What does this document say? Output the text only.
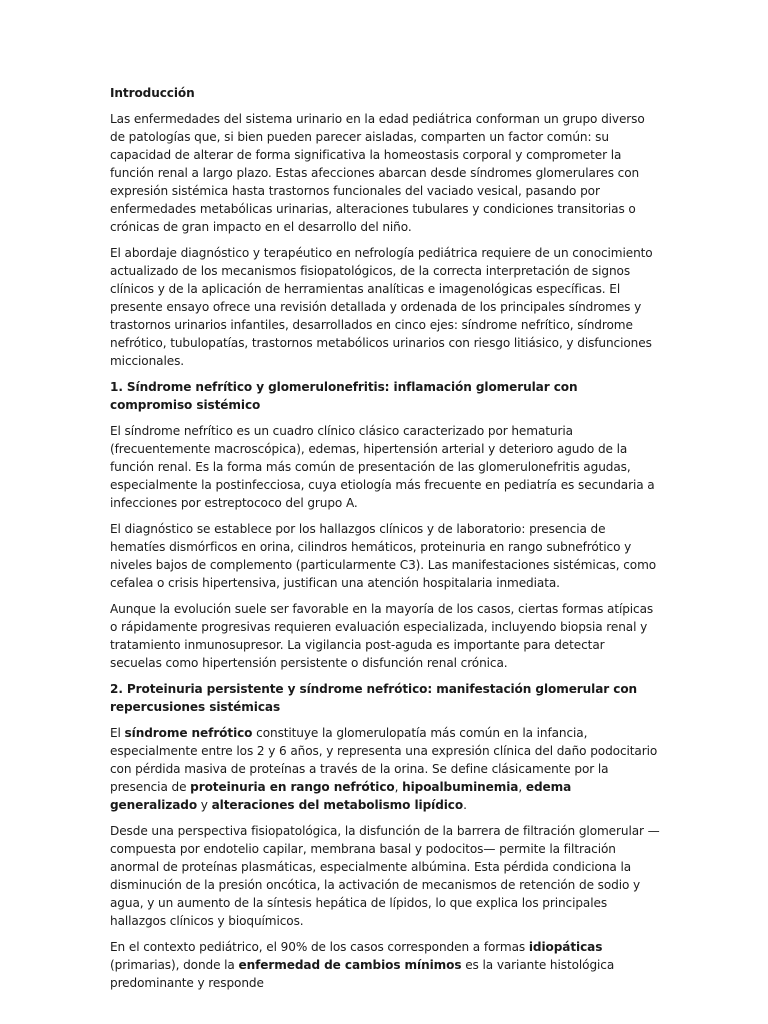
Introducción

Las enfermedades del sistema urinario en la edad pediátrica conforman un grupo diverso de patologías que, si bien pueden parecer aisladas, comparten un factor común: su capacidad de alterar de forma significativa la homeostasis corporal y comprometer la función renal a largo plazo. Estas afecciones abarcan desde síndromes glomerulares con expresión sistémica hasta trastornos funcionales del vaciado vesical, pasando por enfermedades metabólicas urinarias, alteraciones tubulares y condiciones transitorias o crónicas de gran impacto en el desarrollo del niño.

El abordaje diagnóstico y terapéutico en nefrología pediátrica requiere de un conocimiento actualizado de los mecanismos fisiopatológicos, de la correcta interpretación de signos clínicos y de la aplicación de herramientas analíticas e imagenológicas específicas. El presente ensayo ofrece una revisión detallada y ordenada de los principales síndromes y trastornos urinarios infantiles, desarrollados en cinco ejes: síndrome nefrítico, síndrome nefrótico, tubulopatías, trastornos metabólicos urinarios con riesgo litiásico, y disfunciones miccionales.

1. Síndrome nefrítico y glomerulonefritis: inflamación glomerular con compromiso sistémico

El síndrome nefrítico es un cuadro clínico clásico caracterizado por hematuria (frecuentemente macroscópica), edemas, hipertensión arterial y deterioro agudo de la función renal. Es la forma más común de presentación de las glomerulonefritis agudas, especialmente la postinfecciosa, cuya etiología más frecuente en pediatría es secundaria a infecciones por estreptococo del grupo A.

El diagnóstico se establece por los hallazgos clínicos y de laboratorio: presencia de hematíes dismórficos en orina, cilindros hemáticos, proteinuria en rango subnefrótico y niveles bajos de complemento (particularmente C3). Las manifestaciones sistémicas, como cefalea o crisis hipertensiva, justifican una atención hospitalaria inmediata.

Aunque la evolución suele ser favorable en la mayoría de los casos, ciertas formas atípicas o rápidamente progresivas requieren evaluación especializada, incluyendo biopsia renal y tratamiento inmunosupresor. La vigilancia post-aguda es importante para detectar secuelas como hipertensión persistente o disfunción renal crónica.

2. Proteinuria persistente y síndrome nefrótico: manifestación glomerular con repercusiones sistémicas

El síndrome nefrótico constituye la glomerulopatía más común en la infancia, especialmente entre los 2 y 6 años, y representa una expresión clínica del daño podocitario con pérdida masiva de proteínas a través de la orina. Se define clásicamente por la presencia de proteinuria en rango nefrótico, hipoalbuminemia, edema generalizado y alteraciones del metabolismo lipídico.

Desde una perspectiva fisiopatológica, la disfunción de la barrera de filtración glomerular —compuesta por endotelio capilar, membrana basal y podocitos— permite la filtración anormal de proteínas plasmáticas, especialmente albúmina. Esta pérdida condiciona la disminución de la presión oncótica, la activación de mecanismos de retención de sodio y agua, y un aumento de la síntesis hepática de lípidos, lo que explica los principales hallazgos clínicos y bioquímicos.

En el contexto pediátrico, el 90% de los casos corresponden a formas idiopáticas (primarias), donde la enfermedad de cambios mínimos es la variante histológica predominante y responde
